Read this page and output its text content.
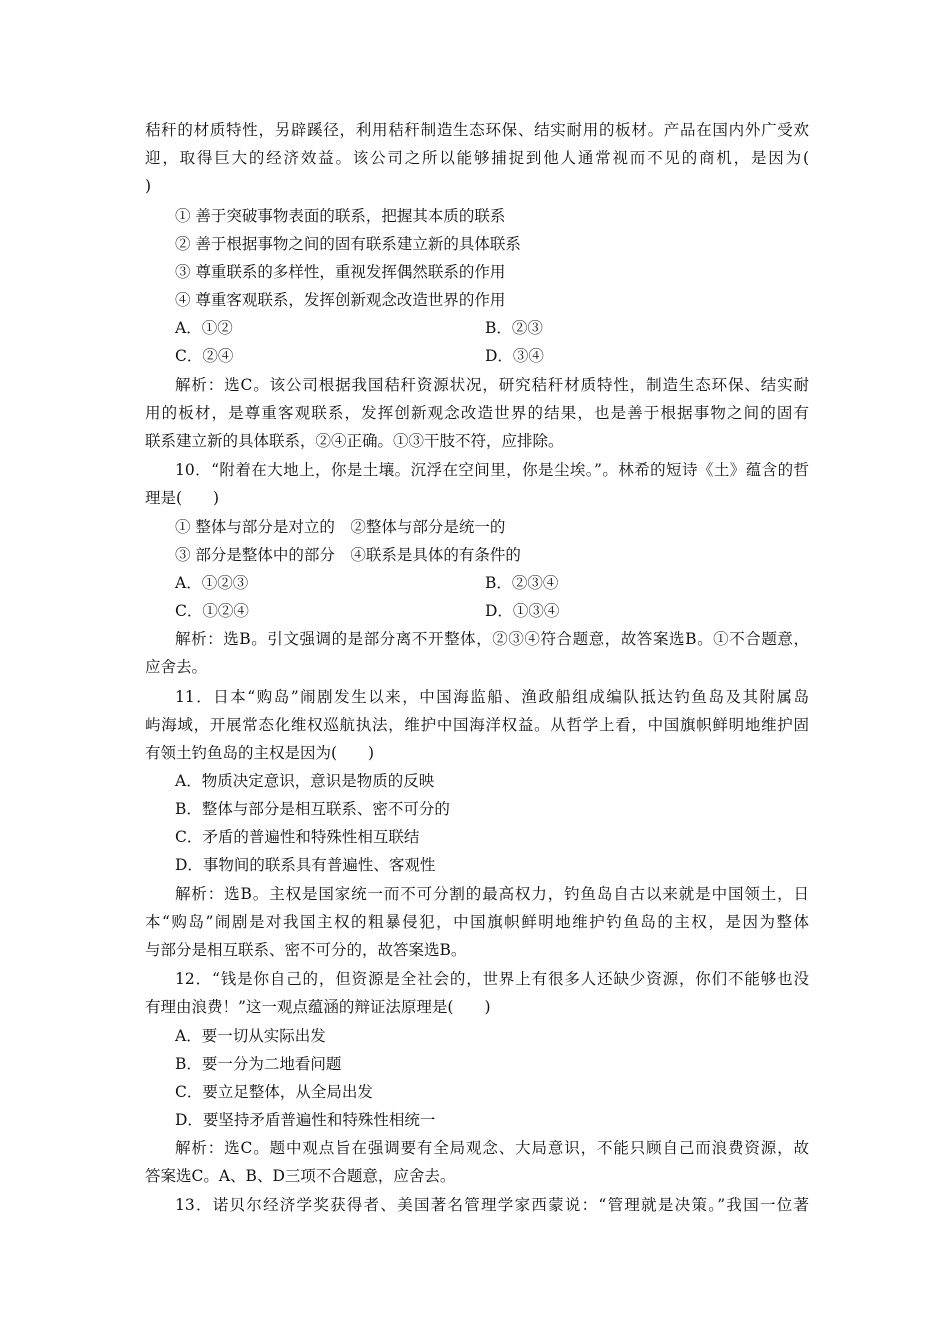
秸秆的材质特性，另辟蹊径，利用秸秆制造生态环保、结实耐用的板材。产品在国内外广受欢
迎，取得巨大的经济效益。该公司之所以能够捕捉到他人通常视而不见的商机，是因为(
)
① 善于突破事物表面的联系，把握其本质的联系
② 善于根据事物之间的固有联系建立新的具体联系
③ 尊重联系的多样性，重视发挥偶然联系的作用
④ 尊重客观联系，发挥创新观念改造世界的作用
A．①②	B．②③
C．②④	D．③④
解析：选C。该公司根据我国秸秆资源状况，研究秸秆材质特性，制造生态环保、结实耐
用的板材，是尊重客观联系，发挥创新观念改造世界的结果，也是善于根据事物之间的固有
联系建立新的具体联系，②④正确。①③干肢不符，应排除。
10．“附着在大地上，你是土壤。沉浮在空间里，你是尘埃。”。林希的短诗《土》蕴含的哲
理是(　　)
① 整体与部分是对立的　②整体与部分是统一的
③ 部分是整体中的部分　④联系是具体的有条件的
A．①②③	B．②③④
C．①②④	D．①③④
解析：选B。引文强调的是部分离不开整体，②③④符合题意，故答案选B。①不合题意，
应舍去。
11．日本“购岛”闹剧发生以来，中国海监船、渔政船组成编队抵达钓鱼岛及其附属岛
屿海域，开展常态化维权巡航执法，维护中国海洋权益。从哲学上看，中国旗帜鲜明地维护固
有领土钓鱼岛的主权是因为(　　)
A．物质决定意识，意识是物质的反映
B．整体与部分是相互联系、密不可分的
C．矛盾的普遍性和特殊性相互联结
D．事物间的联系具有普遍性、客观性
解析：选B。主权是国家统一而不可分割的最高权力，钓鱼岛自古以来就是中国领土，日
本“购岛”闹剧是对我国主权的粗暴侵犯，中国旗帜鲜明地维护钓鱼岛的主权，是因为整体
与部分是相互联系、密不可分的，故答案选B。
12．“钱是你自己的，但资源是全社会的，世界上有很多人还缺少资源，你们不能够也没
有理由浪费！”这一观点蕴涵的辩证法原理是(　　)
A．要一切从实际出发
B．要一分为二地看问题
C．要立足整体，从全局出发
D．要坚持矛盾普遍性和特殊性相统一
解析：选C。题中观点旨在强调要有全局观念、大局意识，不能只顾自己而浪费资源，故
答案选C。A、B、D三项不合题意，应舍去。
13．诺贝尔经济学奖获得者、美国著名管理学家西蒙说：“管理就是决策。”我国一位著
